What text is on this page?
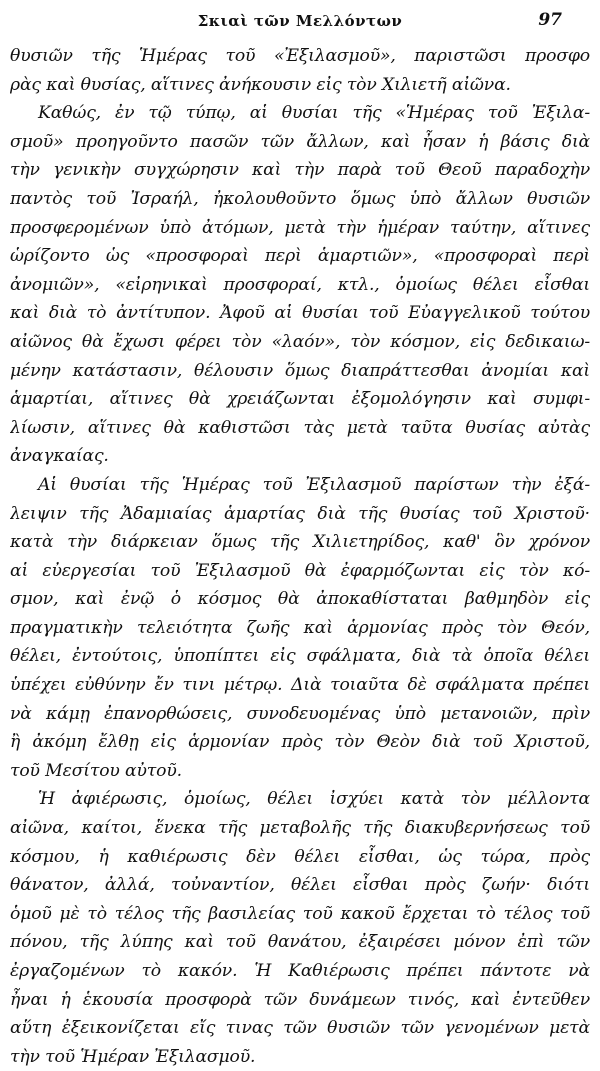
Σκιαὶ τῶν Μελλόντων	97
θυσιῶν τῆς Ἡμέρας τοῦ «Ἐξιλασμοῦ», παριστῶσι προσφο
ρὰς καὶ θυσίας, αἵτινες ἀνήκουσιν εἰς τὸν Χιλιετῆ αἰῶνα.
Καθώς, ἐν τῷ τύπῳ, αἱ θυσίαι τῆς «Ἡμέρας τοῦ Ἐξιλα-
σμοῦ» προηγοῦντο πασῶν τῶν ἄλλων, καὶ ἦσαν ἡ βάσις διὰ
τὴν γενικὴν συγχώρησιν καὶ τὴν παρὰ τοῦ Θεοῦ παραδοχὴν
παντὸς τοῦ Ἰσραήλ, ἠκολουθοῦντο ὅμως ὑπὸ ἄλλων θυσιῶν
προσφερομένων ὑπὸ ἀτόμων, μετὰ τὴν ἡμέραν ταύτην, αἵτινες
ὡρίζοντο ὡς «προσφοραὶ περὶ ἁμαρτιῶν», «προσφοραὶ περὶ
ἀνομιῶν», «εἰρηνικαὶ προσφοραί, κτλ., ὁμοίως θέλει εἶσθαι
καὶ διὰ τὸ ἀντίτυπον. Ἀφοῦ αἱ θυσίαι τοῦ Εὐαγγελικοῦ τούτου
αἰῶνος θὰ ἔχωσι φέρει τὸν «λαόν», τὸν κόσμον, εἰς δεδικαιω-
μένην κατάστασιν, θέλουσιν ὅμως διαπράττεσθαι ἀνομίαι καὶ
ἁμαρτίαι, αἵτινες θὰ χρειάζωνται ἐξομολόγησιν καὶ συμφι-
λίωσιν, αἵτινες θὰ καθιστῶσι τὰς μετὰ ταῦτα θυσίας αὐτὰς
ἀναγκαίας.
Αἱ θυσίαι τῆς Ἡμέρας τοῦ Ἐξιλασμοῦ παρίστων τὴν ἐξά-
λειψιν τῆς Ἀδαμιαίας ἁμαρτίας διὰ τῆς θυσίας τοῦ Χριστοῦ·
κατὰ τὴν διάρκειαν ὅμως τῆς Χιλιετηρίδος, καθ' ὃν χρόνον
αἱ εὐεργεσίαι τοῦ Ἐξιλασμοῦ θὰ ἐφαρμόζωνται εἰς τὸν κό-
σμον, καὶ ἐνῷ ὁ κόσμος θὰ ἀποκαθίσταται βαθμηδὸν εἰς
πραγματικὴν τελειότητα ζωῆς καὶ ἁρμονίας πρὸς τὸν Θεόν,
θέλει, ἐντούτοις, ὑποπίπτει εἰς σφάλματα, διὰ τὰ ὁποῖα θέλει
ὑπέχει εὐθύνην ἔν τινι μέτρῳ. Διὰ τοιαῦτα δὲ σφάλματα πρέπει
νὰ κάμῃ ἐπανορθώσεις, συνοδευομένας ὑπὸ μετανοιῶν, πρὶν
ἢ ἀκόμη ἔλθῃ εἰς ἁρμονίαν πρὸς τὸν Θεὸν διὰ τοῦ Χριστοῦ,
τοῦ Μεσίτου αὐτοῦ.
Ἡ ἀφιέρωσις, ὁμοίως, θέλει ἰσχύει κατὰ τὸν μέλλοντα
αἰῶνα, καίτοι, ἕνεκα τῆς μεταβολῆς τῆς διακυβερνήσεως τοῦ
κόσμου, ἡ καθιέρωσις δὲν θέλει εἶσθαι, ὡς τώρα, πρὸς
θάνατον, ἀλλά, τοὐναντίον, θέλει εἶσθαι πρὸς ζωήν· διότι
ὁμοῦ μὲ τὸ τέλος τῆς βασιλείας τοῦ κακοῦ ἔρχεται τὸ τέλος τοῦ
πόνου, τῆς λύπης καὶ τοῦ θανάτου, ἐξαιρέσει μόνον ἐπὶ τῶν
ἐργαζομένων τὸ κακόν. Ἡ Καθιέρωσις πρέπει πάντοτε νὰ
ἦναι ἡ ἑκουσία προσφορὰ τῶν δυνάμεων τινός, καὶ ἐντεῦθεν
αὕτη ἐξεικονίζεται εἴς τινας τῶν θυσιῶν τῶν γενομένων μετὰ
τὴν τοῦ Ἡμέραν Ἐξιλασμοῦ.
